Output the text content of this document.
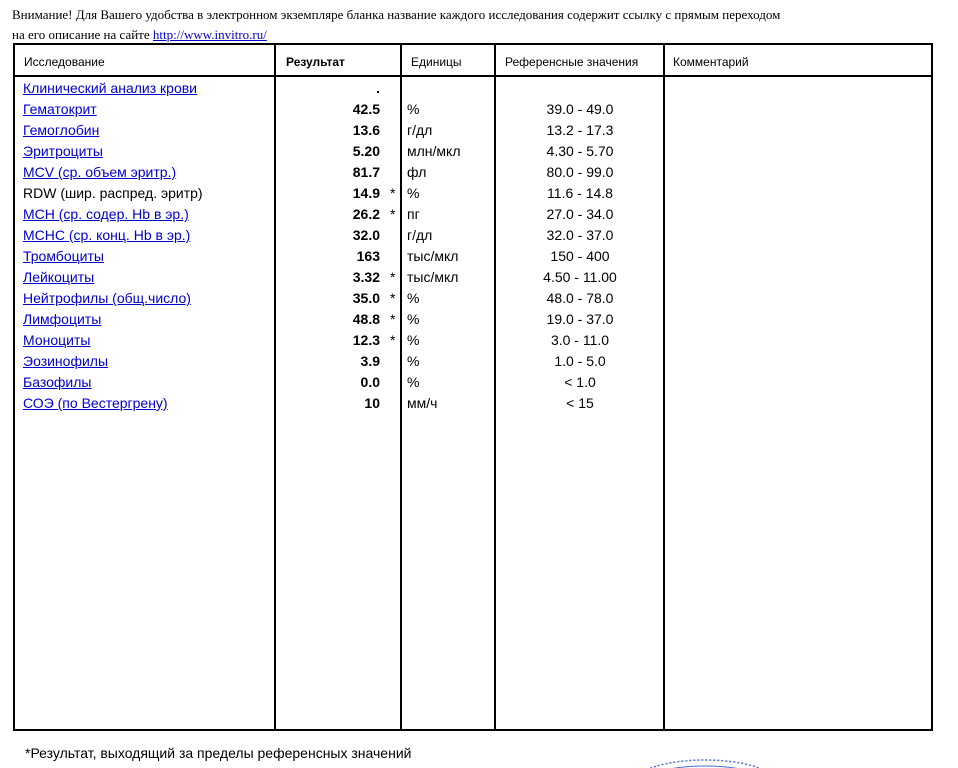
Внимание! Для Вашего удобства в электронном экземпляре бланка название каждого исследования содержит ссылку с прямым переходом
на его описание на сайте http://www.invitro.ru/
Исследование	Результат	Единицы	Референсные значения	Комментарий
Клинический анализ крови	.
Гематокрит	42.5 %	39.0 - 49.0
Гемоглобин	13.6 г/дл	13.2 - 17.3
Эритроциты	5.20 млн/мкл	4.30 - 5.70
MCV (ср. объем эритр.)	81.7 фл	80.0 - 99.0
RDW (шир. распред. эритр)	14.9 * %	11.6 - 14.8
MCH (ср. содер. Hb в эр.)	26.2 * пг	27.0 - 34.0
MCHC (ср. конц. Hb в эр.)	32.0 г/дл	32.0 - 37.0
Тромбоциты	163 тыс/мкл	150 - 400
Лейкоциты	3.32 * тыс/мкл	4.50 - 11.00
Нейтрофилы (общ.число)	35.0 * %	48.0 - 78.0
Лимфоциты	48.8 * %	19.0 - 37.0
Моноциты	12.3 * %	3.0 - 11.0
Эозинофилы	3.9 %	1.0 - 5.0
Базофилы	0.0 %	< 1.0
СОЭ (по Вестергрену)	10 мм/ч	< 15
*Результат, выходящий за пределы референсных значений
